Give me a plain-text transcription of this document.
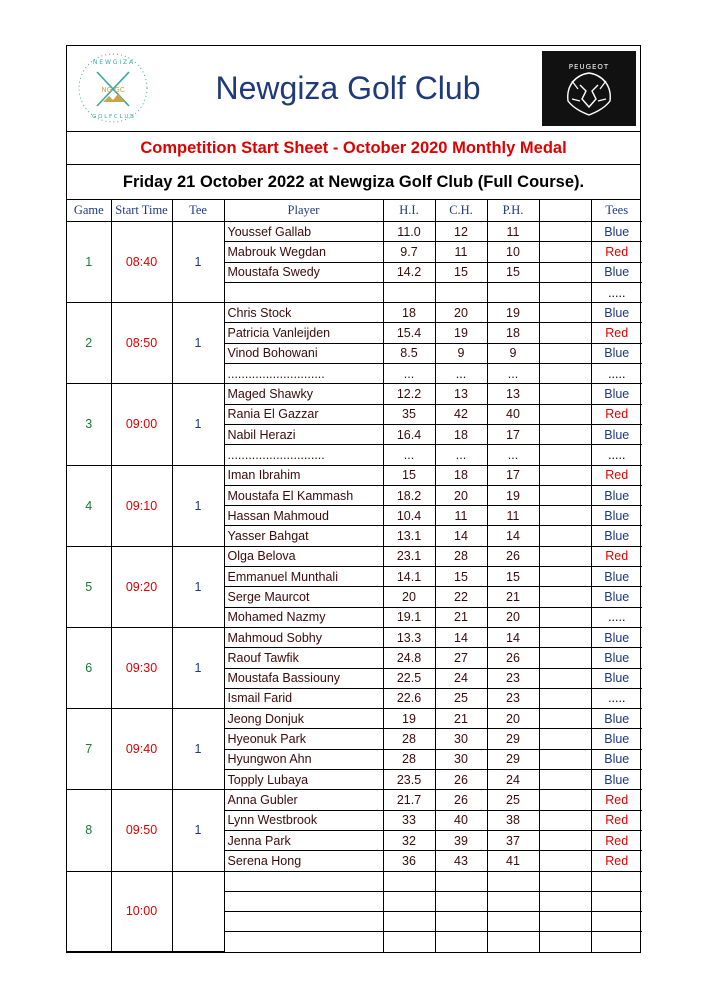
N E W G I Z A
NG GC
G O L F C L U B
Newgiza Golf Club
PEUGEOT
Competition Start Sheet - October 2020 Monthly Medal
Friday 21 October 2022 at Newgiza Golf Club (Full Course).
Game	Start Time	Tee	Player	H.I.	C.H.	P.H.		Tees
1	08:40	1	Youssef Gallab	11.0	12	11		Blue
			Mabrouk Wegdan	9.7	11	10		Red
			Moustafa Swedy	14.2	15	15		Blue
								.....
2	08:50	1	Chris Stock	18	20	19		Blue
			Patricia Vanleijden	15.4	19	18		Red
			Vinod Bohowani	8.5	9	9		Blue
			............................	...	...	...		.....
3	09:00	1	Maged Shawky	12.2	13	13		Blue
			Rania El Gazzar	35	42	40		Red
			Nabil Herazi	16.4	18	17		Blue
			............................	...	...	...		.....
4	09:10	1	Iman Ibrahim	15	18	17		Red
			Moustafa El Kammash	18.2	20	19		Blue
			Hassan Mahmoud	10.4	11	11		Blue
			Yasser Bahgat	13.1	14	14		Blue
5	09:20	1	Olga Belova	23.1	28	26		Red
			Emmanuel Munthali	14.1	15	15		Blue
			Serge Maurcot	20	22	21		Blue
			Mohamed Nazmy	19.1	21	20		.....
6	09:30	1	Mahmoud Sobhy	13.3	14	14		Blue
			Raouf Tawfik	24.8	27	26		Blue
			Moustafa Bassiouny	22.5	24	23		Blue
			Ismail Farid	22.6	25	23		.....
7	09:40	1	Jeong Donjuk	19	21	20		Blue
			Hyeonuk Park	28	30	29		Blue
			Hyungwon Ahn	28	30	29		Blue
			Topply Lubaya	23.5	26	24		Blue
8	09:50	1	Anna Gubler	21.7	26	25		Red
			Lynn Westbrook	33	40	38		Red
			Jenna Park	32	39	37		Red
			Serena Hong	36	43	41		Red
	10:00							
